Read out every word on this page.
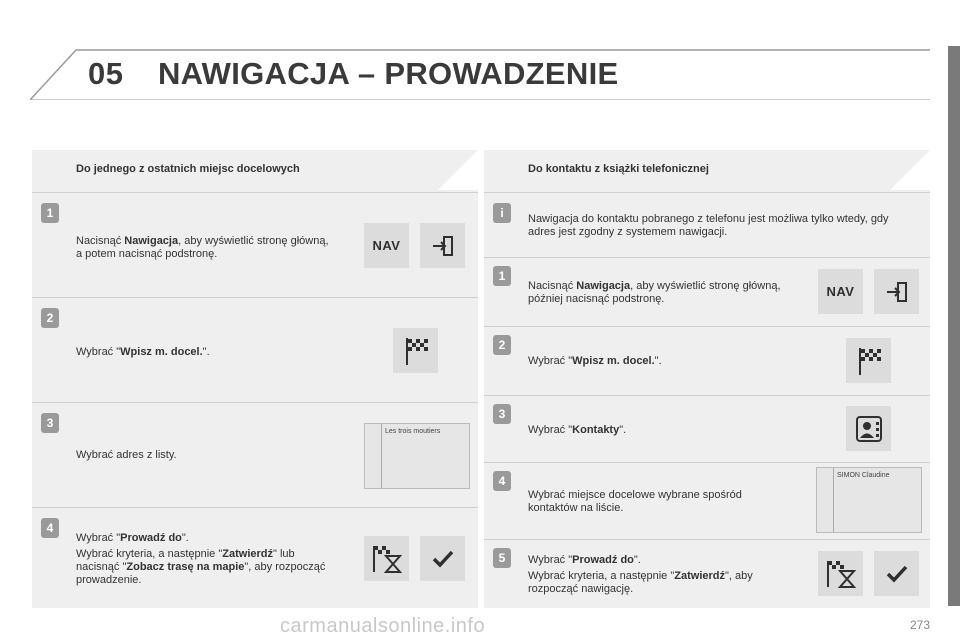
05 NAWIGACJA – PROWADZENIE
Do jednego z ostatnich miejsc docelowych
1
Nacisnąć Nawigacja, aby wyświetlić stronę główną, a potem nacisnąć podstronę.
NAV
2
Wybrać "Wpisz m. docel.".
3
Wybrać adres z listy.
Les trois moutiers
4
Wybrać "Prowadź do".
Wybrać kryteria, a następnie "Zatwierdź" lub nacisnąć "Zobacz trasę na mapie", aby rozpocząć prowadzenie.
Do kontaktu z książki telefonicznej
i	Nawigacja do kontaktu pobranego z telefonu jest możliwa tylko wtedy, gdy adres jest zgodny z systemem nawigacji.
1
Nacisnąć Nawigacja, aby wyświetlić stronę główną, później nacisnąć podstronę.	NAV
2
Wybrać "Wpisz m. docel.".
3
Wybrać "Kontakty".
4
Wybrać miejsce docelowe wybrane spośród kontaktów na liście.
SIMON Claudine
5	Wybrać "Prowadź do".
Wybrać kryteria, a następnie "Zatwierdź", aby rozpocząć nawigację.
273
carmanualsonline.info
